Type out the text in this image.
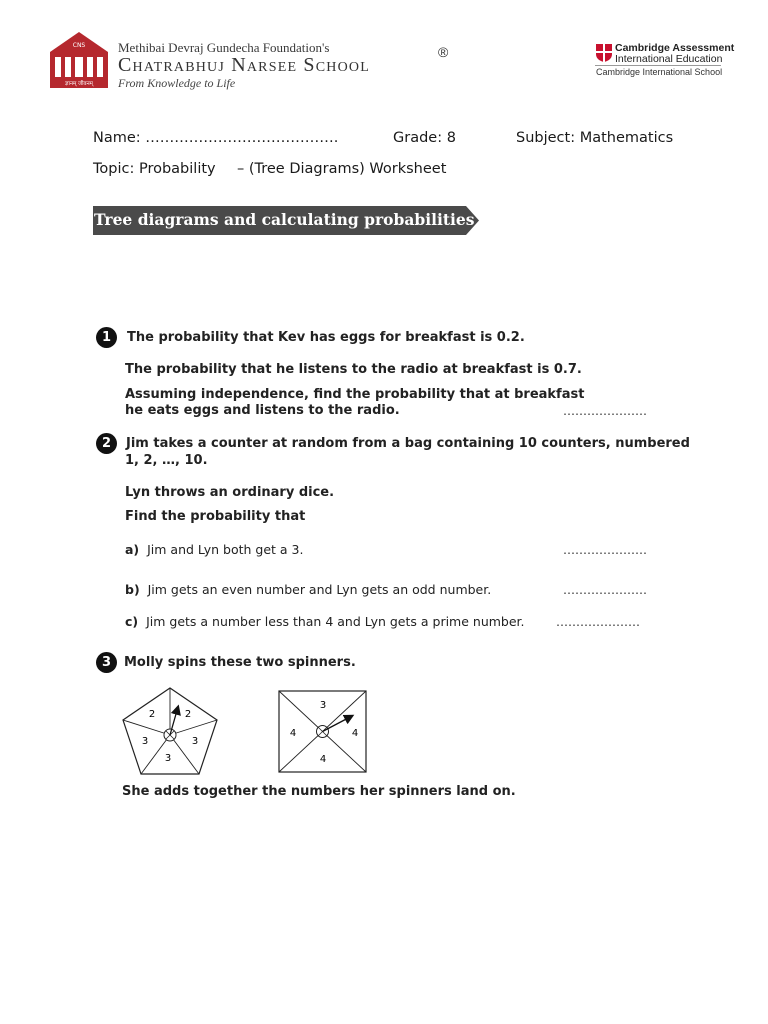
CNS
ज्ञानम् जीवनम्
Methibai Devraj Gundecha Foundation's
Chatrabhuj Narsee School
®
From Knowledge to Life
Cambridge Assessment
International Education
Cambridge International School
Name: ………………………………….	Grade: 8	Subject: Mathematics
Topic: Probability – (Tree Diagrams) Worksheet
Tree diagrams and calculating probabilities
1	The probability that Kev has eggs for breakfast is 0.2.
The probability that he listens to the radio at breakfast is 0.7.
Assuming independence, find the probability that at breakfast
he eats eggs and listens to the radio.	…………………
2	Jim takes a counter at random from a bag containing 10 counters, numbered
1, 2, …, 10.
Lyn throws an ordinary dice.
Find the probability that
a) Jim and Lyn both get a 3.	…………………
b) Jim gets an even number and Lyn gets an odd number.	…………………
c) Jim gets a number less than 4 and Lyn gets a prime number.	…………………
3 Molly spins these two spinners.
2	2
3	3
3
3
4	4
4
She adds together the numbers her spinners land on.
